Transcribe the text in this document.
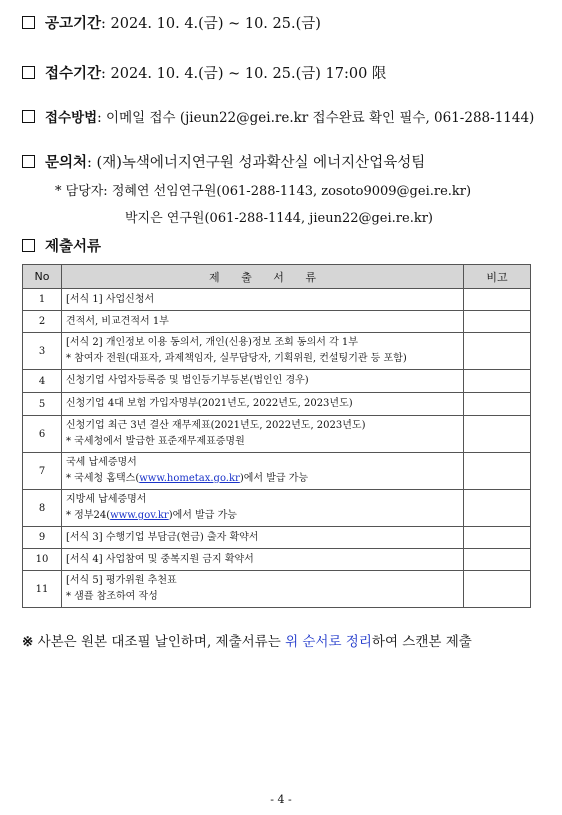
공고기간: 2024. 10. 4.(금) ~ 10. 25.(금)
접수기간: 2024. 10. 4.(금) ~ 10. 25.(금) 17:00 限
접수방법: 이메일 접수 (jieun22@gei.re.kr 접수완료 확인 필수, 061-288-1144)
문의처: (재)녹색에너지연구원 성과확산실 에너지산업육성팀
* 담당자: 정혜연 선임연구원(061-288-1143, zosoto9009@gei.re.kr)
박지은 연구원(061-288-1144, jieun22@gei.re.kr)
제출서류
No	제 출 서 류	비고
1	[서식 1] 사업신청서	

2	견적서, 비교견적서 1부	

3	[서식 2] 개인정보 이용 동의서, 개인(신용)정보 조회 동의서 각 1부
* 참여자 전원(대표자, 과제책임자, 실무담당자, 기획위원, 컨설팅기관 등 포함)	

4	신청기업 사업자등록증 및 법인등기부등본(법인인 경우)	

5	신청기업 4대 보험 가입자명부(2021년도, 2022년도, 2023년도)	

6	신청기업 최근 3년 결산 재무제표(2021년도, 2022년도, 2023년도)
* 국세청에서 발급한 표준재무제표증명원	

7	국세 납세증명서
* 국세청 홈택스(www.hometax.go.kr)에서 발급 가능	

8	지방세 납세증명서
* 정부24(www.gov.kr)에서 발급 가능	

9	[서식 3] 수행기업 부담금(현금) 출자 확약서	

10	[서식 4] 사업참여 및 중복지원 금지 확약서	

11	[서식 5] 평가위원 추천표
* 샘플 참조하여 작성	

※ 사본은 원본 대조필 날인하며, 제출서류는 위 순서로 정리하여 스캔본 제출
- 4 -
